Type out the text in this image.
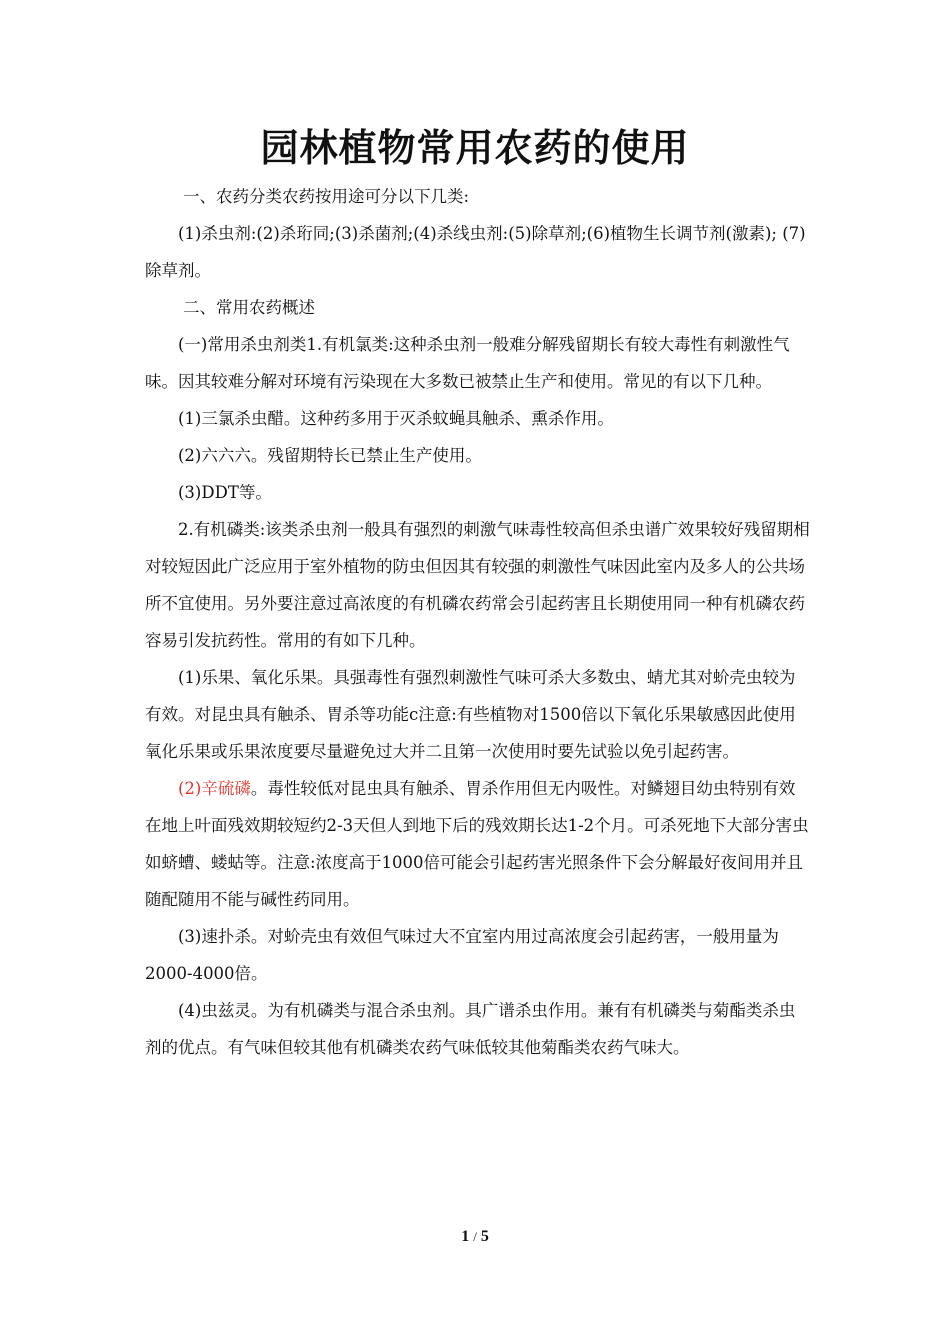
园林植物常用农药的使用

一、农药分类农药按用途可分以下几类:

(1)杀虫剂:(2)杀珩同;(3)杀菌剂;(4)杀线虫剂:(5)除草剂;(6)植物生长调节剂(激素); (7)除草剂。

二、常用农药概述

(一)常用杀虫剂类1.有机氯类:这种杀虫剂一般难分解残留期长有较大毒性有刺激性气味。因其较难分解对环境有污染现在大多数已被禁止生产和使用。常见的有以下几种。

(1)三氯杀虫醋。这种药多用于灭杀蚊蝇具触杀、熏杀作用。

(2)六六六。残留期特长已禁止生产使用。

(3)DDT等。

2.有机磷类:该类杀虫剂一般具有强烈的刺激气味毒性较高但杀虫谱广效果较好残留期相对较短因此广泛应用于室外植物的防虫但因其有较强的刺激性气味因此室内及多人的公共场所不宜使用。另外要注意过高浓度的有机磷农药常会引起药害且长期使用同一种有机磷农药容易引发抗药性。常用的有如下几种。

(1)乐果、氧化乐果。具强毒性有强烈刺激性气味可杀大多数虫、蜻尤其对蚧壳虫较为有效。对昆虫具有触杀、胃杀等功能c注意:有些植物对1500倍以下氧化乐果敏感因此使用氧化乐果或乐果浓度要尽量避免过大并二且第一次使用时要先试验以免引起药害。

(2)辛硫磷。毒性较低对昆虫具有触杀、胃杀作用但无内吸性。对鳞翅目幼虫特别有效在地上叶面残效期较短约2-3天但人到地下后的残效期长达1-2个月。可杀死地下大部分害虫如蛴螬、蝼蛄等。注意:浓度高于1000倍可能会引起药害光照条件下会分解最好夜间用并且随配随用不能与碱性药同用。

(3)速扑杀。对蚧壳虫有效但气味过大不宜室内用过高浓度会引起药害，一般用量为2000-4000倍。

(4)虫兹灵。为有机磷类与混合杀虫剂。具广谱杀虫作用。兼有有机磷类与菊酯类杀虫剂的优点。有气味但较其他有机磷类农药气味低较其他菊酯类农药气味大。

1 / 5
